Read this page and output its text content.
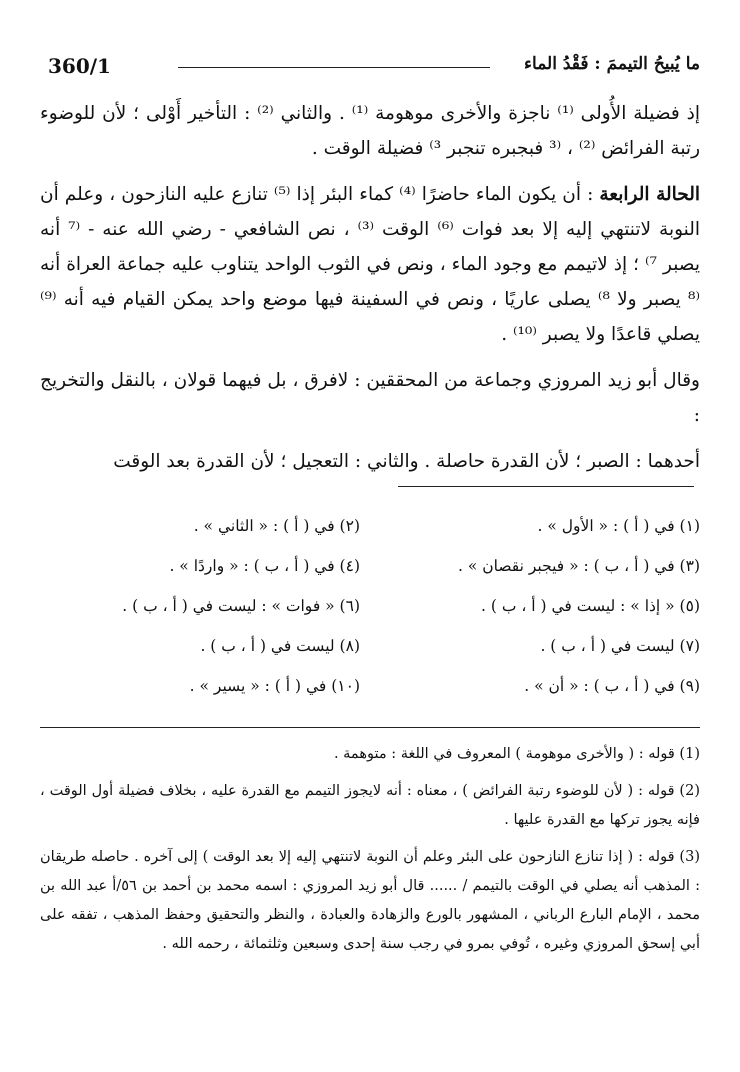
360/1	ما يُبيحُ التيممَ : فَقْدُ الماء

إذ فضيلة الأُولى ⁽¹⁾ ناجزة والأخرى موهومة ⁽¹⁾ . والثاني ⁽²⁾ : التأخير أَوْلى ؛ لأن للوضوء رتبة الفرائض ⁽²⁾ ، ⁽³ فبجبره تنجبر ³⁾ فضيلة الوقت .

الحالة الرابعة : أن يكون الماء حاضرًا ⁽⁴⁾ كماء البئر إذا ⁽⁵⁾ تنازع عليه النازحون ، وعلم أن النوبة لاتنتهي إليه إلا بعد فوات ⁽⁶⁾ الوقت ⁽³⁾ ، نص الشافعي - رضي الله عنه - ⁽⁷ أنه يصبر ⁷⁾ ؛ إذ لاتيمم مع وجود الماء ، ونص في الثوب الواحد يتناوب عليه جماعة العراة أنه ⁽⁸ يصبر ولا ⁸⁾ يصلى عاريًا ، ونص في السفينة فيها موضع واحد يمكن القيام فيه أنه ⁽⁹⁾ يصلي قاعدًا ولا يصبر ⁽¹⁰⁾ .

وقال أبو زيد المروزي وجماعة من المحققين : لافرق ، بل فيهما قولان ، بالنقل والتخريج :

أحدهما : الصبر ؛ لأن القدرة حاصلة . والثاني : التعجيل ؛ لأن القدرة بعد الوقت

(١) في ( أ ) : « الأول » .
(٣) في ( أ ، ب ) : « فيجبر نقصان » .
(٥) « إذا » : ليست في ( أ ، ب ) .
(٧) ليست في ( أ ، ب ) .
(٩) في ( أ ، ب ) : « أن » .
(٢) في ( أ ) : « الثاني » .
(٤) في ( أ ، ب ) : « واردًا » .
(٦) « فوات » : ليست في ( أ ، ب ) .
(٨) ليست في ( أ ، ب ) .
(١٠) في ( أ ) : « يسير » .
(1) قوله : ( والأخرى موهومة ) المعروف في اللغة : متوهمة .
(2) قوله : ( لأن للوضوء رتبة الفرائض ) ، معناه : أنه لايجوز التيمم مع القدرة عليه ، بخلاف فضيلة أول الوقت ، فإنه يجوز تركها مع القدرة عليها .
(3) قوله : ( إذا تنازع النازحون على البئر وعلم أن النوبة لاتنتهي إليه إلا بعد الوقت ) إلى آخره . حاصله طريقان : المذهب أنه يصلي في الوقت بالتيمم / ...... قال أبو زيد المروزي : اسمه محمد بن أحمد بن ٥٦/أ عبد الله بن محمد ، الإمام البارع الرباني ، المشهور بالورع والزهادة والعبادة ، والنظر والتحقيق وحفظ المذهب ، تفقه على أبي إسحق المروزي وغيره ، تُوفي بمرو في رجب سنة إحدى وسبعين وثلثمائة ، رحمه الله .
